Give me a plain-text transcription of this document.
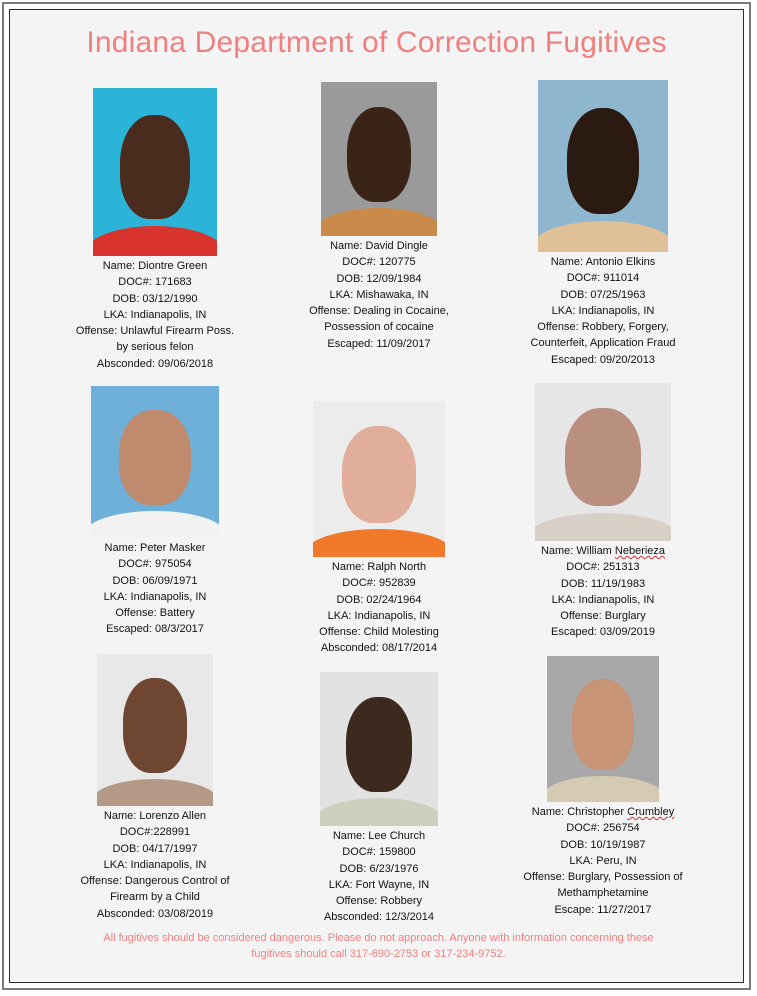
Indiana Department of Correction Fugitives
Name: Diontre Green
DOC#: 171683
DOB: 03/12/1990
LKA: Indianapolis, IN
Offense: Unlawful Firearm Poss.
by serious felon
Absconded: 09/06/2018
Name: David Dingle
DOC#: 120775
DOB: 12/09/1984
LKA: Mishawaka, IN
Offense: Dealing in Cocaine,
Possession of cocaine
Escaped: 11/09/2017
Name: Antonio Elkins
DOC#: 911014
DOB: 07/25/1963
LKA: Indianapolis, IN
Offense: Robbery, Forgery,
Counterfeit, Application Fraud
Escaped: 09/20/2013
Name: Peter Masker
DOC#: 975054
DOB: 06/09/1971
LKA: Indianapolis, IN
Offense: Battery
Escaped: 08/3/2017
Name: Ralph North
DOC#: 952839
DOB: 02/24/1964
LKA: Indianapolis, IN
Offense: Child Molesting
Absconded: 08/17/2014
Name: William Neberieza
DOC#: 251313
DOB: 11/19/1983
LKA: Indianapolis, IN
Offense: Burglary
Escaped: 03/09/2019
Name: Lorenzo Allen
DOC#:228991
DOB: 04/17/1997
LKA: Indianapolis, IN
Offense: Dangerous Control of
Firearm by a Child
Absconded: 03/08/2019
Name: Lee Church
DOC#: 159800
DOB: 6/23/1976
LKA: Fort Wayne, IN
Offense: Robbery
Absconded: 12/3/2014
Name: Christopher Crumbley
DOC#: 256754
DOB: 10/19/1987
LKA: Peru, IN
Offense: Burglary, Possession of
Methamphetamine
Escape: 11/27/2017
All fugitives should be considered dangerous. Please do not approach. Anyone with information concerning these
fugitives should call 317-690-2753 or 317-234-9752.
